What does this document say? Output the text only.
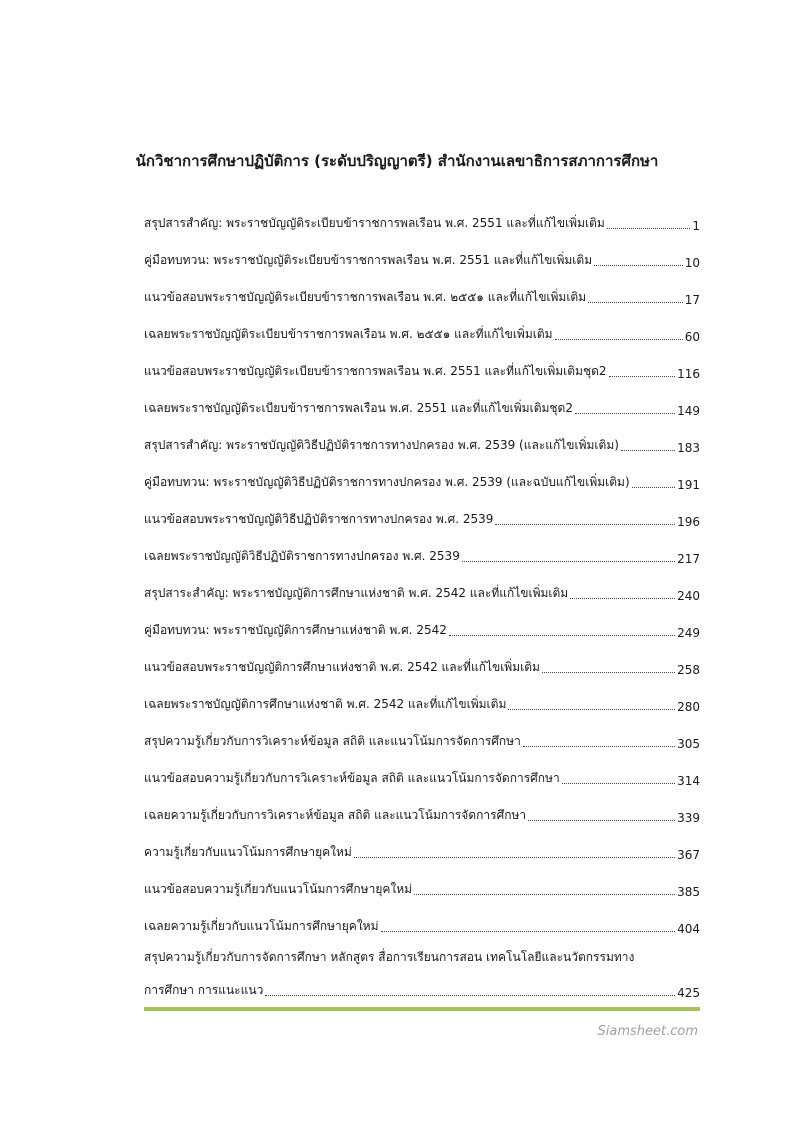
นักวิชาการศึกษาปฏิบัติการ (ระดับปริญญาตรี) สำนักงานเลขาธิการสภาการศึกษา
สรุปสารสำคัญ: พระราชบัญญัติระเบียบข้าราชการพลเรือน พ.ศ. 2551 และที่แก้ไขเพิ่มเติม	1
คู่มือทบทวน: พระราชบัญญัติระเบียบข้าราชการพลเรือน พ.ศ. 2551 และที่แก้ไขเพิ่มเติม	10
แนวข้อสอบพระราชบัญญัติระเบียบข้าราชการพลเรือน พ.ศ. ๒๕๕๑ และที่แก้ไขเพิ่มเติม	17
เฉลยพระราชบัญญัติระเบียบข้าราชการพลเรือน พ.ศ. ๒๕๕๑ และที่แก้ไขเพิ่มเติม	60
แนวข้อสอบพระราชบัญญัติระเบียบข้าราชการพลเรือน พ.ศ. 2551 และที่แก้ไขเพิ่มเติมชุด2	116
เฉลยพระราชบัญญัติระเบียบข้าราชการพลเรือน พ.ศ. 2551 และที่แก้ไขเพิ่มเติมชุด2	149
สรุปสารสำคัญ: พระราชบัญญัติวิธีปฏิบัติราชการทางปกครอง พ.ศ. 2539 (และแก้ไขเพิ่มเติม)	183
คู่มือทบทวน: พระราชบัญญัติวิธีปฏิบัติราชการทางปกครอง พ.ศ. 2539 (และฉบับแก้ไขเพิ่มเติม)	191
แนวข้อสอบพระราชบัญญัติวิธีปฏิบัติราชการทางปกครอง พ.ศ. 2539	196
เฉลยพระราชบัญญัติวิธีปฏิบัติราชการทางปกครอง พ.ศ. 2539	217
สรุปสาระสำคัญ: พระราชบัญญัติการศึกษาแห่งชาติ พ.ศ. 2542 และที่แก้ไขเพิ่มเติม	240
คู่มือทบทวน: พระราชบัญญัติการศึกษาแห่งชาติ พ.ศ. 2542	249
แนวข้อสอบพระราชบัญญัติการศึกษาแห่งชาติ พ.ศ. 2542 และที่แก้ไขเพิ่มเติม	258
เฉลยพระราชบัญญัติการศึกษาแห่งชาติ พ.ศ. 2542 และที่แก้ไขเพิ่มเติม	280
สรุปความรู้เกี่ยวกับการวิเคราะห์ข้อมูล สถิติ และแนวโน้มการจัดการศึกษา	305
แนวข้อสอบความรู้เกี่ยวกับการวิเคราะห์ข้อมูล สถิติ และแนวโน้มการจัดการศึกษา	314
เฉลยความรู้เกี่ยวกับการวิเคราะห์ข้อมูล สถิติ และแนวโน้มการจัดการศึกษา	339
ความรู้เกี่ยวกับแนวโน้มการศึกษายุคใหม่	367
แนวข้อสอบความรู้เกี่ยวกับแนวโน้มการศึกษายุคใหม่	385
เฉลยความรู้เกี่ยวกับแนวโน้มการศึกษายุคใหม่	404
สรุปความรู้เกี่ยวกับการจัดการศึกษา หลักสูตร สื่อการเรียนการสอน เทคโนโลยีและนวัตกรรมทาง
การศึกษา การแนะแนว	425
Siamsheet.com
